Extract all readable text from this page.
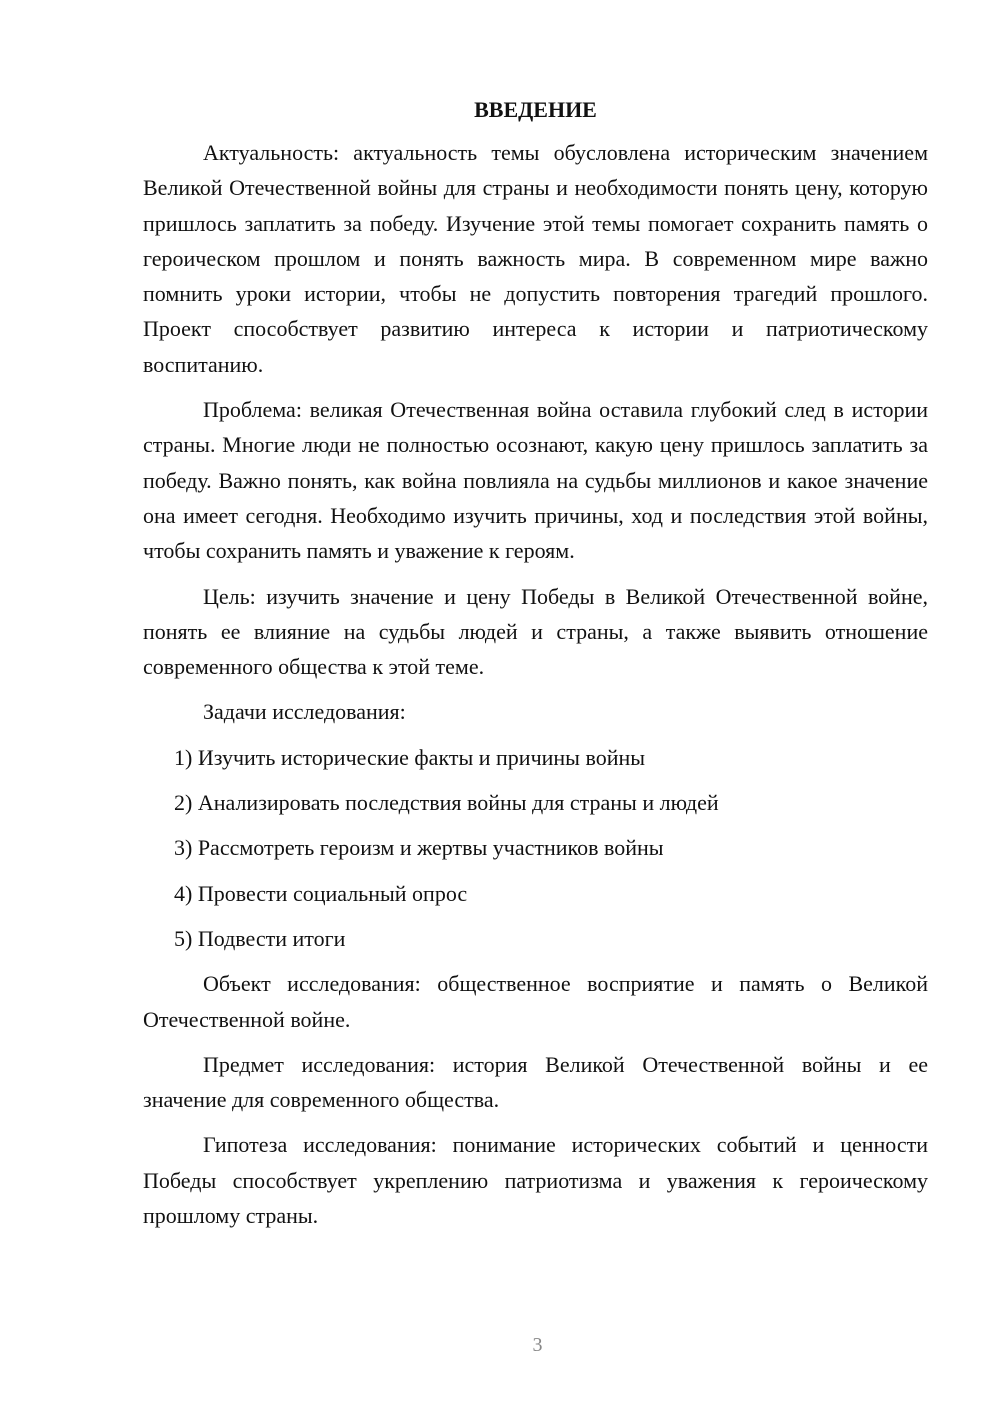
ВВЕДЕНИЕ

Актуальность: актуальность темы обусловлена историческим значением Великой Отечественной войны для страны и необходимости понять цену, которую пришлось заплатить за победу. Изучение этой темы помогает сохранить память о героическом прошлом и понять важность мира. В современном мире важно помнить уроки истории, чтобы не допустить повторения трагедий прошлого. Проект способствует развитию интереса к истории и патриотическому воспитанию.

Проблема: великая Отечественная война оставила глубокий след в истории страны. Многие люди не полностью осознают, какую цену пришлось заплатить за победу. Важно понять, как война повлияла на судьбы миллионов и какое значение она имеет сегодня. Необходимо изучить причины, ход и последствия этой войны, чтобы сохранить память и уважение к героям.

Цель: изучить значение и цену Победы в Великой Отечественной войне, понять ее влияние на судьбы людей и страны, а также выявить отношение современного общества к этой теме.

Задачи исследования:
1) Изучить исторические факты и причины войны
2) Анализировать последствия войны для страны и людей
3) Рассмотреть героизм и жертвы участников войны
4) Провести социальный опрос
5) Подвести итоги

Объект исследования: общественное восприятие и память о Великой Отечественной войне.

Предмет исследования: история Великой Отечественной войны и ее значение для современного общества.

Гипотеза исследования: понимание исторических событий и ценности Победы способствует укреплению патриотизма и уважения к героическому прошлому страны.

3
